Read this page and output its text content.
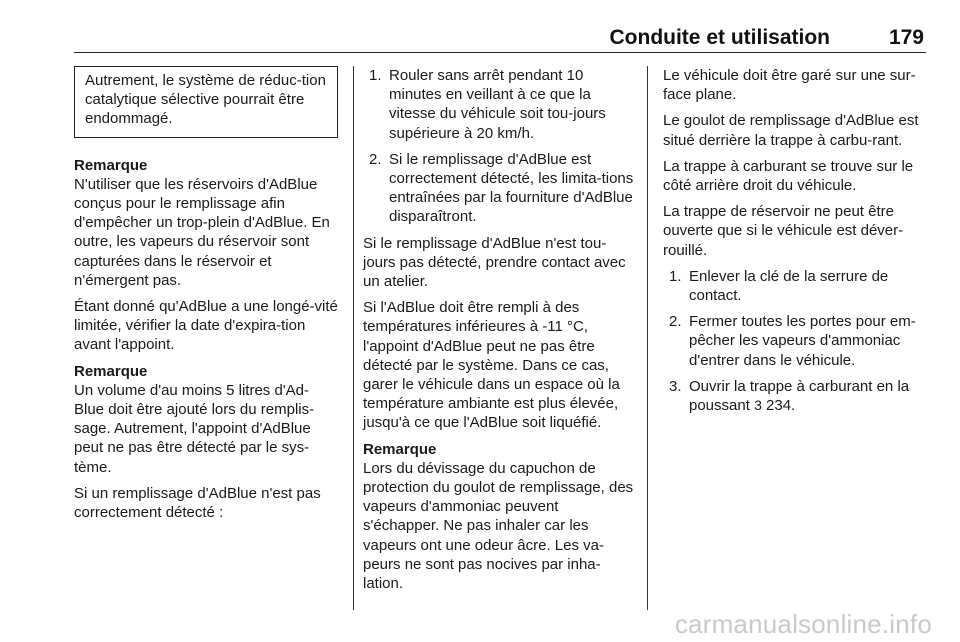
Conduite et utilisation	179

Autrement, le système de réduc-tion catalytique sélective pourrait être endommagé.

Remarque

N'utiliser que les réservoirs d'AdBlue conçus pour le remplissage afin d'empêcher un trop-plein d'AdBlue. En outre, les vapeurs du réservoir sont capturées dans le réservoir et n'émergent pas.

Étant donné qu'AdBlue a une longé-vité limitée, vérifier la date d'expira-tion avant l'appoint.

Remarque

Un volume d'au moins 5 litres d'Ad-Blue doit être ajouté lors du remplis-sage. Autrement, l'appoint d'AdBlue peut ne pas être détecté par le sys-tème.

Si un remplissage d'AdBlue n'est pas correctement détecté :

1. Rouler sans arrêt pendant 10 minutes en veillant à ce que la vitesse du véhicule soit tou-jours supérieure à 20 km/h.
2. Si le remplissage d'AdBlue est correctement détecté, les limita-tions entraînées par la fourniture d'AdBlue disparaîtront.

Si le remplissage d'AdBlue n'est tou-jours pas détecté, prendre contact avec un atelier.

Si l'AdBlue doit être rempli à des températures inférieures à -11 °C, l'appoint d'AdBlue peut ne pas être détecté par le système. Dans ce cas, garer le véhicule dans un espace où la température ambiante est plus élevée, jusqu'à ce que l'AdBlue soit liquéfié.

Remarque

Lors du dévissage du capuchon de protection du goulot de remplissage, des vapeurs d'ammoniac peuvent s'échapper. Ne pas inhaler car les vapeurs ont une odeur âcre. Les va-peurs ne sont pas nocives par inha-lation.

Le véhicule doit être garé sur une sur-face plane.

Le goulot de remplissage d'AdBlue est situé derrière la trappe à carbu-rant.

La trappe à carburant se trouve sur le côté arrière droit du véhicule.

La trappe de réservoir ne peut être ouverte que si le véhicule est déver-rouillé.

1. Enlever la clé de la serrure de contact.
2. Fermer toutes les portes pour em-pêcher les vapeurs d'ammoniac d'entrer dans le véhicule.
3. Ouvrir la trappe à carburant en la poussant 3 234.
carmanualsonline.info
